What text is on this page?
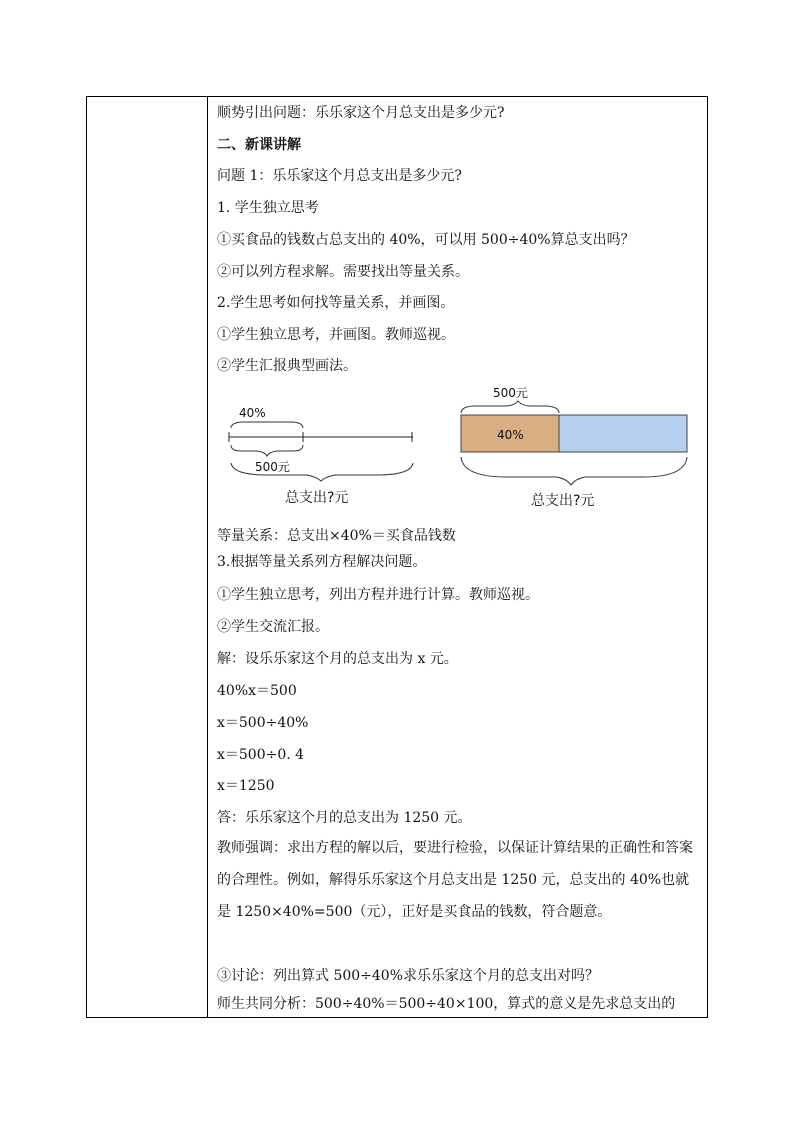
顺势引出问题：乐乐家这个月总支出是多少元?
二、新课讲解
问题 1：乐乐家这个月总支出是多少元?
1. 学生独立思考
①买食品的钱数占总支出的 40%，可以用 500÷40%算总支出吗？
②可以列方程求解。需要找出等量关系。
2.学生思考如何找等量关系，并画图。
①学生独立思考，并画图。教师巡视。
②学生汇报典型画法。
40%
500元
总支出?元
500元
40%
总支出?元
等量关系：总支出×40%＝买食品钱数
3.根据等量关系列方程解决问题。
①学生独立思考，列出方程并进行计算。教师巡视。
②学生交流汇报。
解：设乐乐家这个月的总支出为 x 元。
40%x＝500
x＝500÷40%
x＝500÷0. 4
x＝1250
答：乐乐家这个月的总支出为 1250 元。
教师强调：求出方程的解以后，要进行检验，以保证计算结果的正确性和答案的合理性。例如，解得乐乐家这个月总支出是 1250 元，总支出的 40%也就是 1250×40%=500（元），正好是买食品的钱数，符合题意。
③讨论：列出算式 500÷40%求乐乐家这个月的总支出对吗？
师生共同分析：500÷40%＝500÷40×100，算式的意义是先求总支出的
